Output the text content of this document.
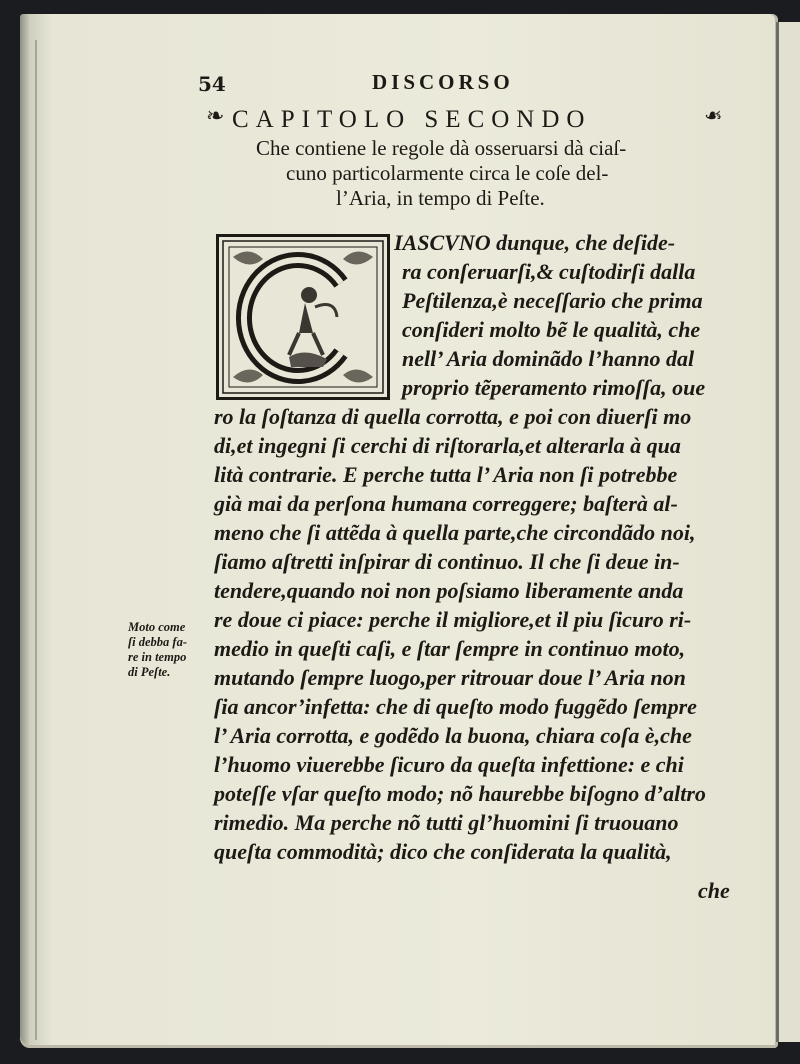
54	DISCORSO
❧ CAPITOLO SECONDO	❧
Che contiene le regole dà osseruarsi dà ciaſ-
cuno particolarmente circa le coſe del-
l’Aria, in tempo di Peſte.
IASCVNO dunque, che deſide-
ra conſeruarſi,& cuſtodirſi dalla
Peſtilenza,è neceſſario che prima
conſideri molto bẽ le qualità, che
nell’ Aria dominãdo l’hanno dal
proprio tẽperamento rimoſſa, oue
ro la ſoſtanza di quella corrotta, e poi con diuerſi mo
di,et ingegni ſi cerchi di riſtorarla,et alterarla à qua
lità contrarie. E perche tutta l’ Aria non ſi potrebbe
già mai da perſona humana correggere; baſterà al-
meno che ſi attẽda à quella parte,che circondãdo noi,
ſiamo aſtretti inſpirar di continuo. Il che ſi deue in-
tendere,quando noi non poſsiamo liberamente anda
re doue ci piace: perche il migliore,et il piu ſicuro ri-
medio in queſti caſi, e ſtar ſempre in continuo moto,
mutando ſempre luogo,per ritrouar doue l’ Aria non
ſia ancor’infetta: che di queſto modo fuggẽdo ſempre
l’ Aria corrotta, e godẽdo la buona, chiara coſa è,che
l’huomo viuerebbe ſicuro da queſta infettione: e chi
poteſſe vſar queſto modo; nõ haurebbe biſogno d’altro
rimedio. Ma perche nõ tutti gl’huomini ſi truouano
queſta commodità; dico che conſiderata la qualità,
che
Moto come
ſi debba fa-
re in tempo
di Peſte.
